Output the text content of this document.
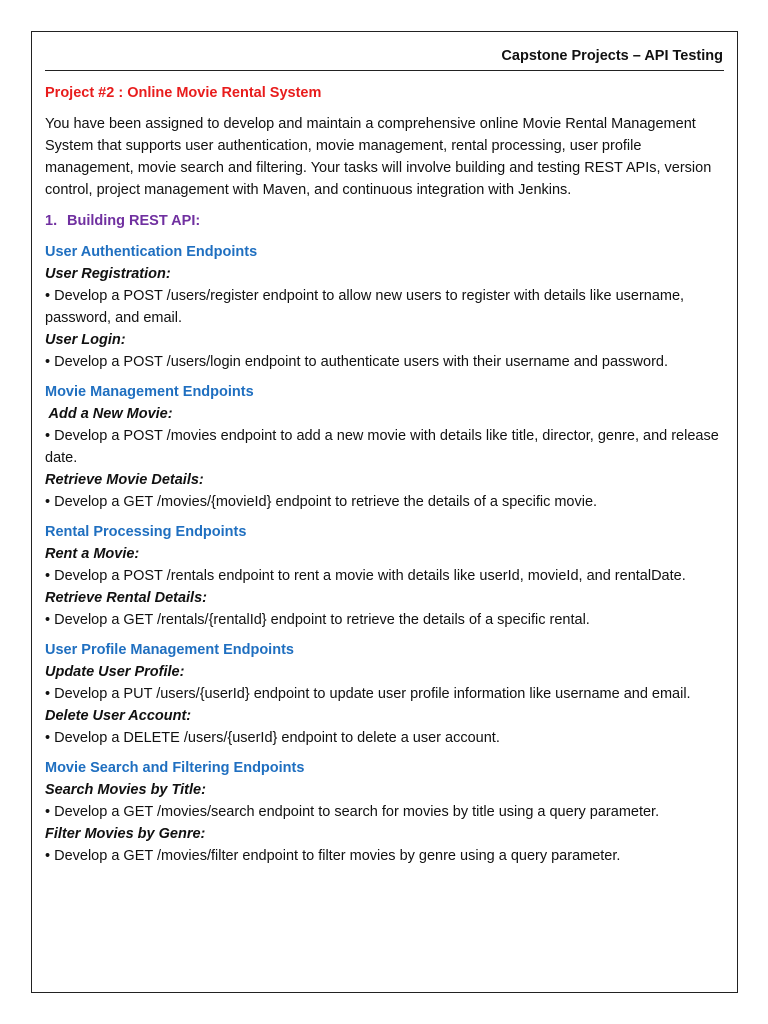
Capstone Projects – API Testing

Project #2 : Online Movie Rental System

You have been assigned to develop and maintain a comprehensive online Movie Rental Management System that supports user authentication, movie management, rental processing, user profile management, movie search and filtering. Your tasks will involve building and testing REST APIs, version control, project management with Maven, and continuous integration with Jenkins.

1. Building REST API:

User Authentication Endpoints

User Registration:

• Develop a POST /users/register endpoint to allow new users to register with details like username, password, and email.

User Login:

• Develop a POST /users/login endpoint to authenticate users with their username and password.

Movie Management Endpoints

Add a New Movie:

• Develop a POST /movies endpoint to add a new movie with details like title, director, genre, and release date.

Retrieve Movie Details:

• Develop a GET /movies/{movieId} endpoint to retrieve the details of a specific movie.

Rental Processing Endpoints

Rent a Movie:

• Develop a POST /rentals endpoint to rent a movie with details like userId, movieId, and rentalDate.

Retrieve Rental Details:

• Develop a GET /rentals/{rentalId} endpoint to retrieve the details of a specific rental.

User Profile Management Endpoints

Update User Profile:

• Develop a PUT /users/{userId} endpoint to update user profile information like username and email.

Delete User Account:

• Develop a DELETE /users/{userId} endpoint to delete a user account.

Movie Search and Filtering Endpoints

Search Movies by Title:

• Develop a GET /movies/search endpoint to search for movies by title using a query parameter.

Filter Movies by Genre:

• Develop a GET /movies/filter endpoint to filter movies by genre using a query parameter.
